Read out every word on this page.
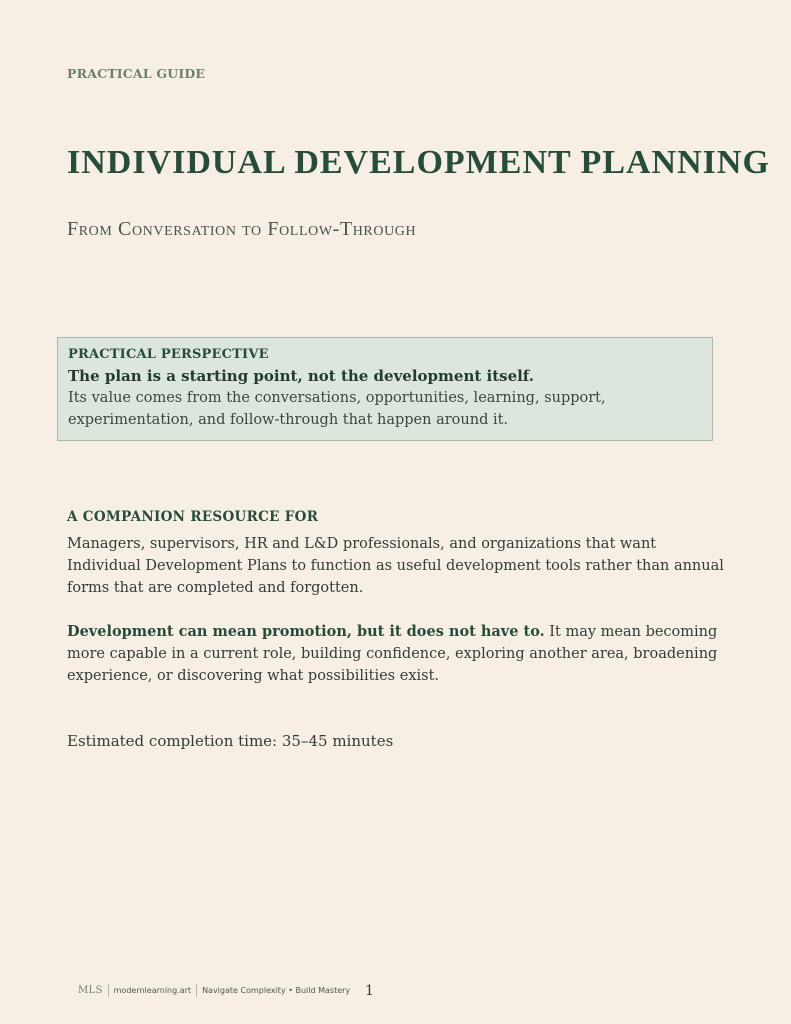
PRACTICAL GUIDE
INDIVIDUAL DEVELOPMENT PLANNING
From Conversation to Follow-Through
PRACTICAL PERSPECTIVE
The plan is a starting point, not the development itself.
Its value comes from the conversations, opportunities, learning, support, experimentation, and follow-through that happen around it.
A COMPANION RESOURCE FOR
Managers, supervisors, HR and L&D professionals, and organizations that want Individual Development Plans to function as useful development tools rather than annual forms that are completed and forgotten.
Development can mean promotion, but it does not have to. It may mean becoming more capable in a current role, building confidence, exploring another area, broadening experience, or discovering what possibilities exist.
Estimated completion time: 35–45 minutes
MLS modernlearning.art Navigate Complexity • Build Mastery 1
